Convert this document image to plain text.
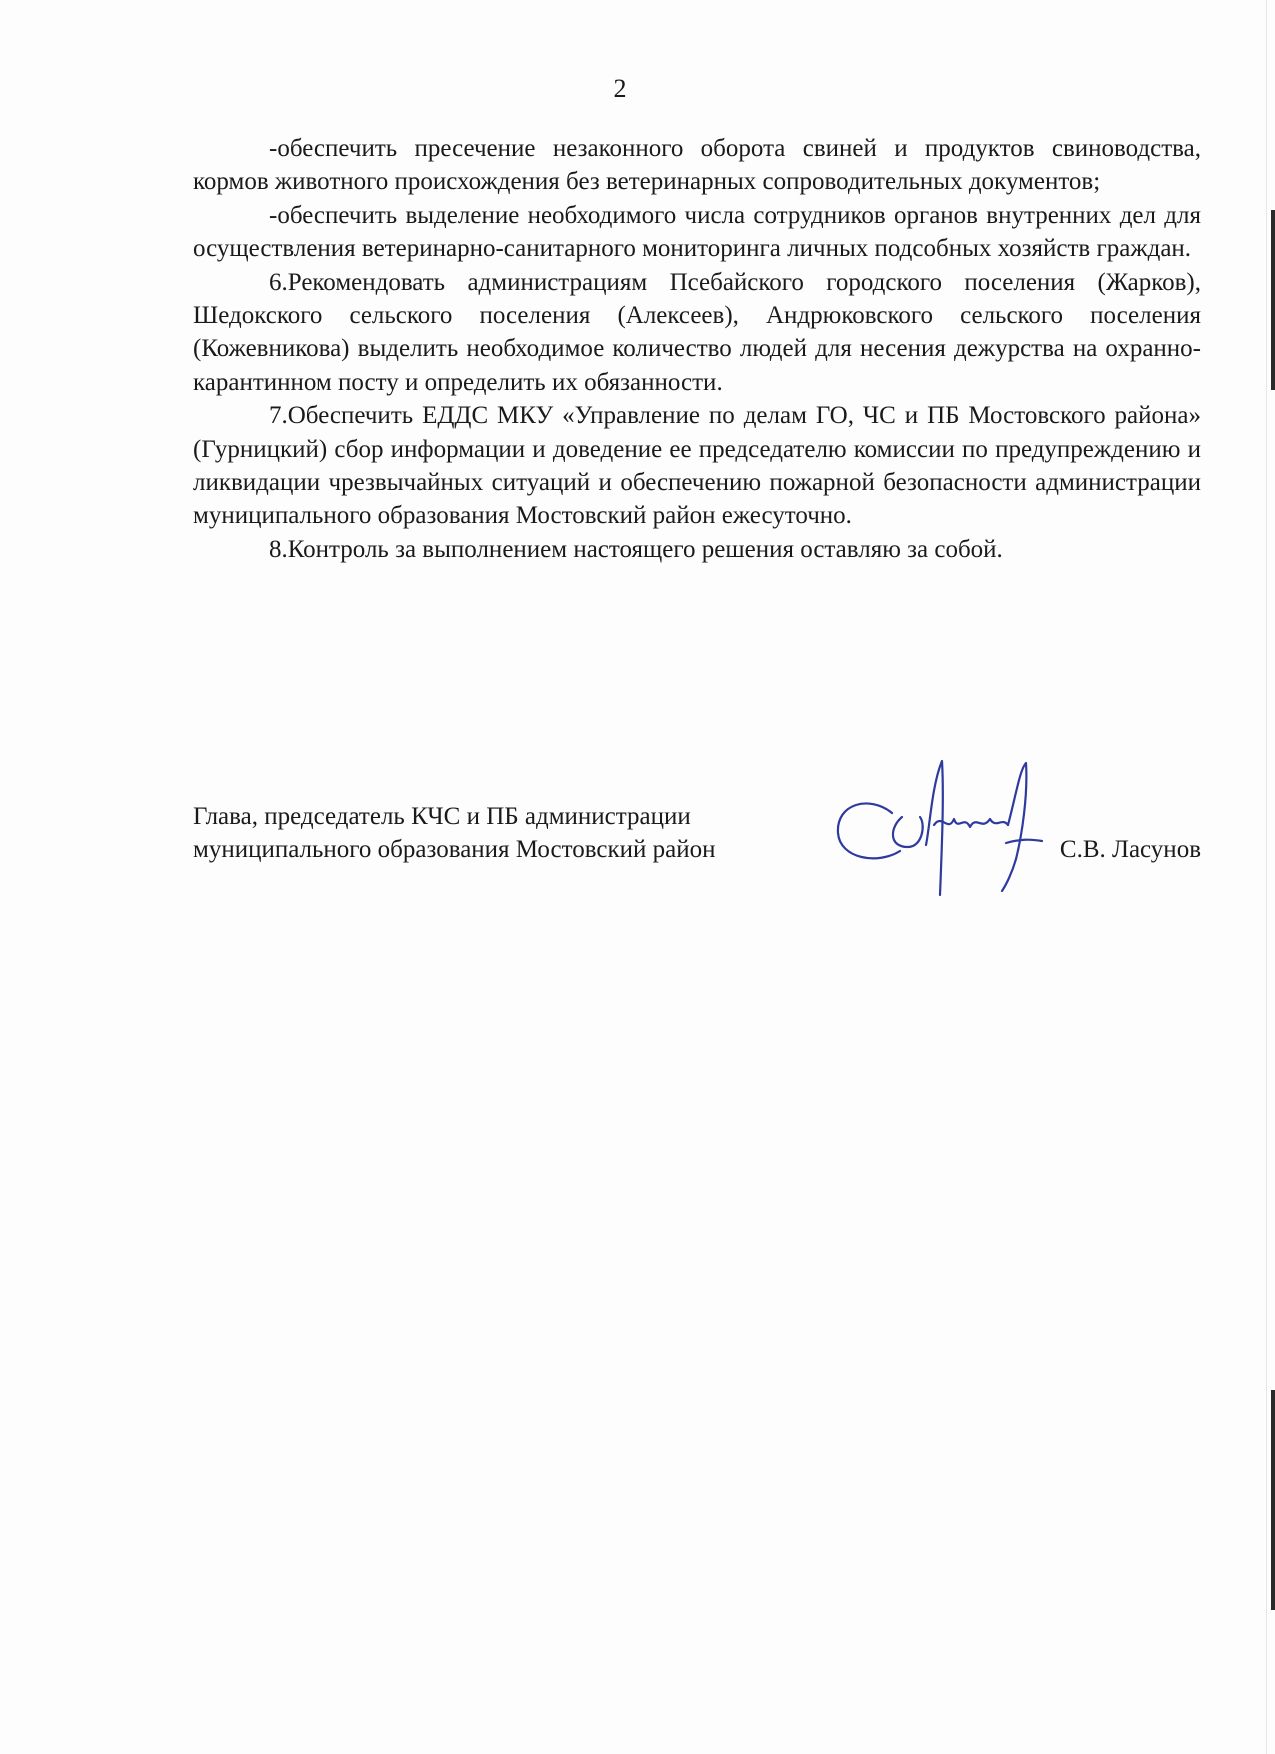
2

-обеспечить пресечение незаконного оборота свиней и продуктов свиноводства, кормов животного происхождения без ветеринарных сопроводительных документов;

-обеспечить выделение необходимого числа сотрудников органов внутренних дел для осуществления ветеринарно-санитарного мониторинга личных подсобных хозяйств граждан.

6.Рекомендовать администрациям Псебайского городского поселения (Жарков), Шедокского сельского поселения (Алексеев), Андрюковского сельского поселения (Кожевникова) выделить необходимое количество людей для несения дежурства на охранно-карантинном посту и определить их обязанности.

7.Обеспечить ЕДДС МКУ «Управление по делам ГО, ЧС и ПБ Мостовского района» (Гурницкий) сбор информации и доведение ее председателю комиссии по предупреждению и ликвидации чрезвычайных ситуаций и обеспечению пожарной безопасности администрации муниципального образования Мостовский район ежесуточно.

8.Контроль за выполнением настоящего решения оставляю за собой.

Глава, председатель КЧС и ПБ администрации
муниципального образования Мостовский район	С.В. Ласунов
